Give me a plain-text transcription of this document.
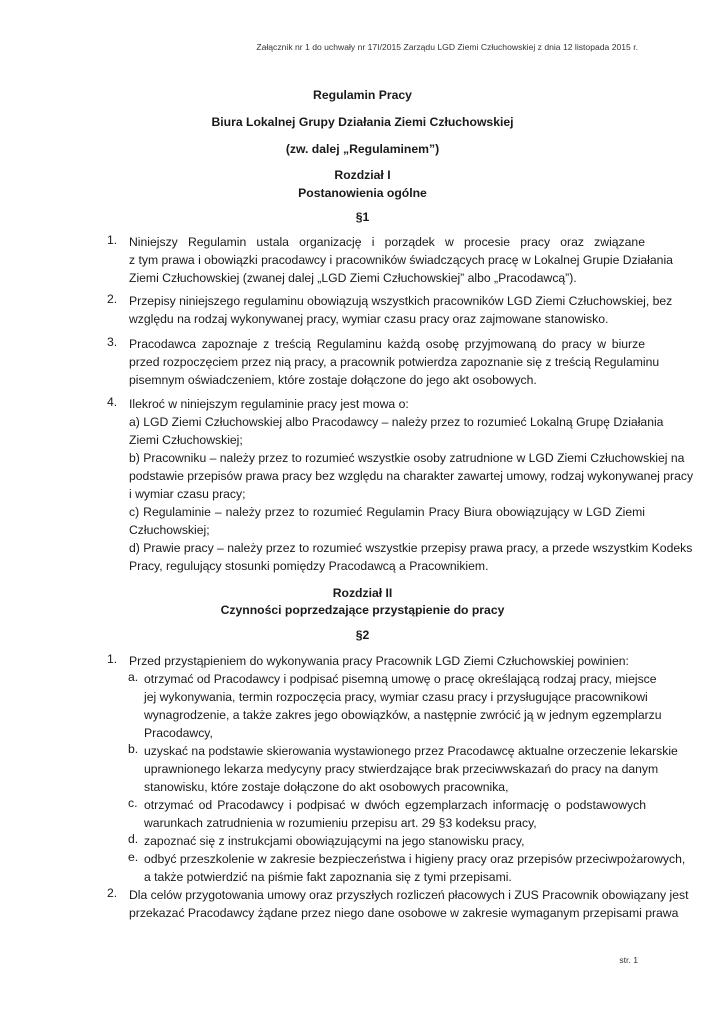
Załącznik nr 1 do uchwały nr 17I/2015 Zarządu LGD Ziemi Człuchowskiej z dnia 12 listopada 2015 r.
Regulamin Pracy
Biura Lokalnej Grupy Działania Ziemi Człuchowskiej
(zw. dalej „Regulaminem”)
Rozdział I
Postanowienia ogólne
§1
1. Niniejszy Regulamin ustala organizację i porządek w procesie pracy oraz związane
z tym prawa i obowiązki pracodawcy i pracowników świadczących pracę w Lokalnej Grupie Działania
Ziemi Człuchowskiej (zwanej dalej „LGD Ziemi Człuchowskiej” albo „Pracodawcą”).
2. Przepisy niniejszego regulaminu obowiązują wszystkich pracowników LGD Ziemi Człuchowskiej, bez
względu na rodzaj wykonywanej pracy, wymiar czasu pracy oraz zajmowane stanowisko.
3. Pracodawca zapoznaje z treścią Regulaminu każdą osobę przyjmowaną do pracy w biurze
przed rozpoczęciem przez nią pracy, a pracownik potwierdza zapoznanie się z treścią Regulaminu
pisemnym oświadczeniem, które zostaje dołączone do jego akt osobowych.
4. Ilekroć w niniejszym regulaminie pracy jest mowa o:
a) LGD Ziemi Człuchowskiej albo Pracodawcy – należy przez to rozumieć Lokalną Grupę Działania
Ziemi Człuchowskiej;
b) Pracowniku – należy przez to rozumieć wszystkie osoby zatrudnione w LGD Ziemi Człuchowskiej na
podstawie przepisów prawa pracy bez względu na charakter zawartej umowy, rodzaj wykonywanej pracy
i wymiar czasu pracy;
c) Regulaminie – należy przez to rozumieć Regulamin Pracy Biura obowiązujący w LGD Ziemi
Człuchowskiej;
d) Prawie pracy – należy przez to rozumieć wszystkie przepisy prawa pracy, a przede wszystkim Kodeks
Pracy, regulujący stosunki pomiędzy Pracodawcą a Pracownikiem.
Rozdział II
Czynności poprzedzające przystąpienie do pracy
§2
1. Przed przystąpieniem do wykonywania pracy Pracownik LGD Ziemi Człuchowskiej powinien:
a. otrzymać od Pracodawcy i podpisać pisemną umowę o pracę określającą rodzaj pracy, miejsce
jej wykonywania, termin rozpoczęcia pracy, wymiar czasu pracy i przysługujące pracownikowi
wynagrodzenie, a także zakres jego obowiązków, a następnie zwrócić ją w jednym egzemplarzu
Pracodawcy,
b. uzyskać na podstawie skierowania wystawionego przez Pracodawcę aktualne orzeczenie lekarskie
uprawnionego lekarza medycyny pracy stwierdzające brak przeciwwskazań do pracy na danym
stanowisku, które zostaje dołączone do akt osobowych pracownika,
c. otrzymać od Pracodawcy i podpisać w dwóch egzemplarzach informację o podstawowych
warunkach zatrudnienia w rozumieniu przepisu art. 29 §3 kodeksu pracy,
d. zapoznać się z instrukcjami obowiązującymi na jego stanowisku pracy,
e. odbyć przeszkolenie w zakresie bezpieczeństwa i higieny pracy oraz przepisów przeciwpożarowych,
a także potwierdzić na piśmie fakt zapoznania się z tymi przepisami.
2. Dla celów przygotowania umowy oraz przyszłych rozliczeń płacowych i ZUS Pracownik obowiązany jest
przekazać Pracodawcy żądane przez niego dane osobowe w zakresie wymaganym przepisami prawa
str. 1
